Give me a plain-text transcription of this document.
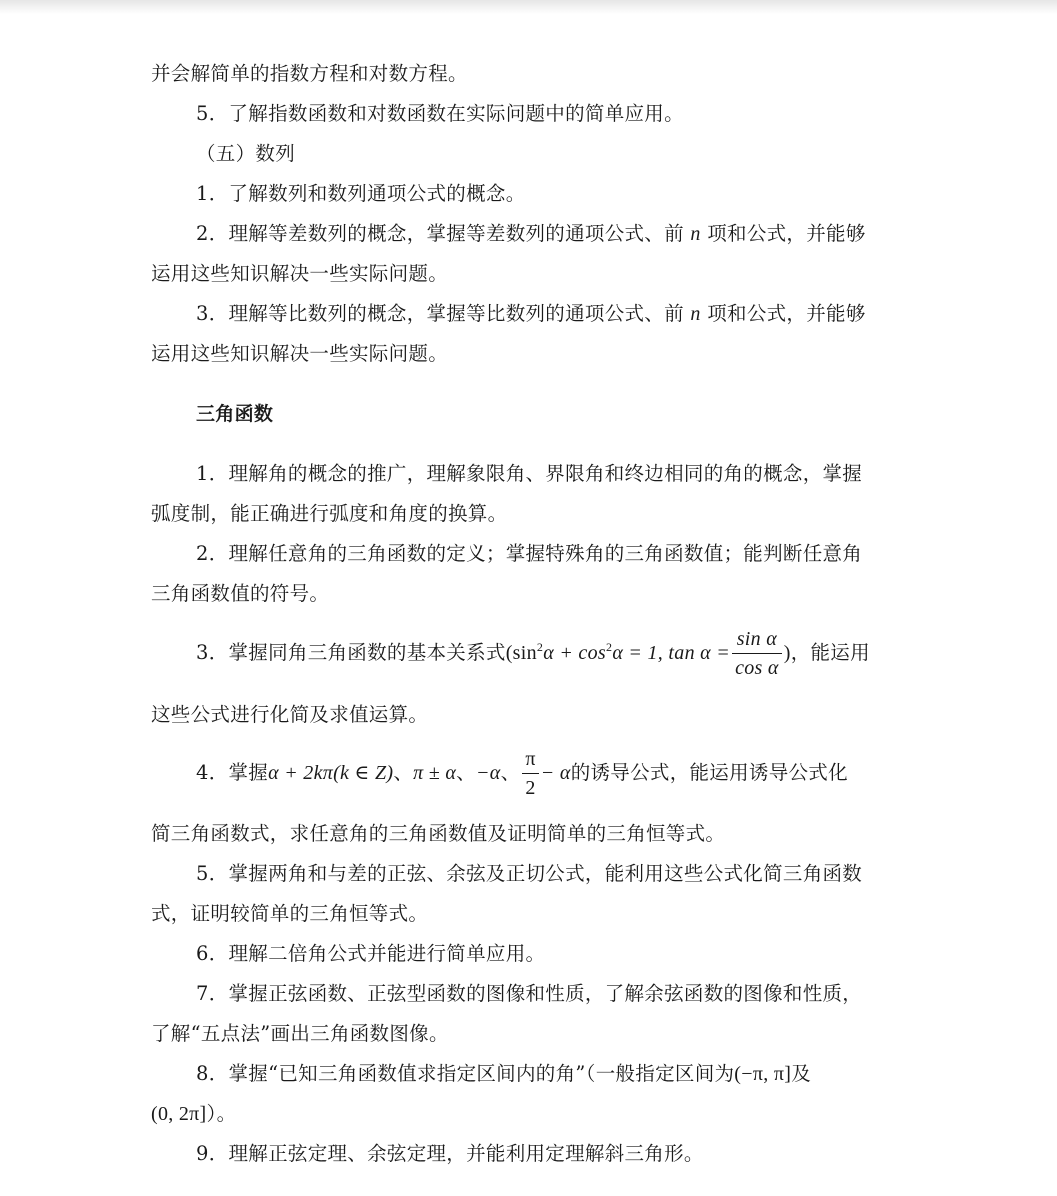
并会解简单的指数方程和对数方程。
5．了解指数函数和对数函数在实际问题中的简单应用。
（五）数列
1．了解数列和数列通项公式的概念。
2．理解等差数列的概念，掌握等差数列的通项公式、前 n 项和公式，并能够
运用这些知识解决一些实际问题。
3．理解等比数列的概念，掌握等比数列的通项公式、前 n 项和公式，并能够
运用这些知识解决一些实际问题。
三角函数
1．理解角的概念的推广，理解象限角、界限角和终边相同的角的概念，掌握
弧度制，能正确进行弧度和角度的换算。
2．理解任意角的三角函数的定义；掌握特殊角的三角函数值；能判断任意角
三角函数值的符号。
3．掌握同角三角函数的基本关系式($\sin^2\alpha + \cos^2\alpha = 1$, $\tan \alpha = \frac{\text{sin α}}{\text{cos α}}$ )，能运用
这些公式进行化简及求值运算。
4．掌握α + 2kπ(k ∈ Z)、π ± α、−α、 $\frac{\pi}{2} - \alpha$的诱导公式，能运用诱导公式化
简三角函数式，求任意角的三角函数值及证明简单的三角恒等式。
5．掌握两角和与差的正弦、余弦及正切公式，能利用这些公式化简三角函数
式，证明较简单的三角恒等式。
6．理解二倍角公式并能进行简单应用。
7．掌握正弦函数、正弦型函数的图像和性质，了解余弦函数的图像和性质，
了解“五点法”画出三角函数图像。
8．掌握“已知三角函数值求指定区间内的角”（一般指定区间为(−π, π]及
(0, 2π]）。
9．理解正弦定理、余弦定理，并能利用定理解斜三角形。
